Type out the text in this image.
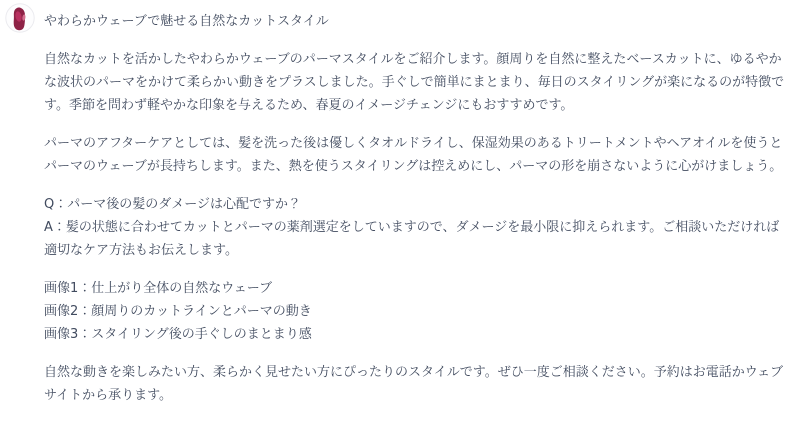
やわらかウェーブで魅せる自然なカットスタイル

自然なカットを活かしたやわらかウェーブのパーマスタイルをご紹介します。顔周りを自然に整えたベースカットに、ゆるやかな波状のパーマをかけて柔らかい動きをプラスしました。手ぐしで簡単にまとまり、毎日のスタイリングが楽になるのが特徴です。季節を問わず軽やかな印象を与えるため、春夏のイメージチェンジにもおすすめです。

パーマのアフターケアとしては、髪を洗った後は優しくタオルドライし、保湿効果のあるトリートメントやヘアオイルを使うとパーマのウェーブが長持ちします。また、熱を使うスタイリングは控えめにし、パーマの形を崩さないように心がけましょう。

Q：パーマ後の髪のダメージは心配ですか？
A：髪の状態に合わせてカットとパーマの薬剤選定をしていますので、ダメージを最小限に抑えられます。ご相談いただければ適切なケア方法もお伝えします。

画像1：仕上がり全体の自然なウェーブ
画像2：顔周りのカットラインとパーマの動き
画像3：スタイリング後の手ぐしのまとまり感

自然な動きを楽しみたい方、柔らかく見せたい方にぴったりのスタイルです。ぜひ一度ご相談ください。予約はお電話かウェブサイトから承ります。
